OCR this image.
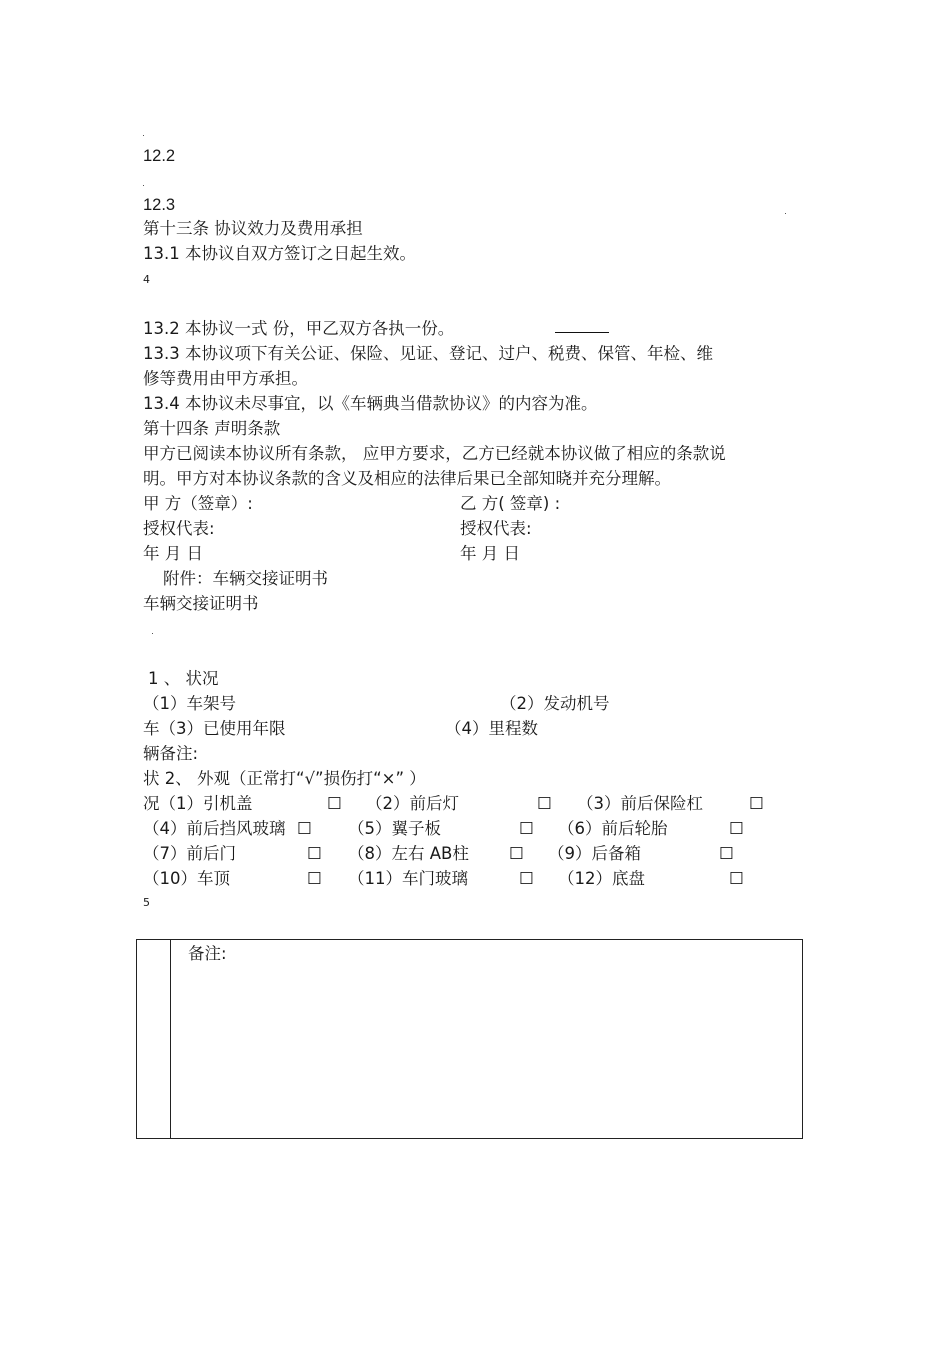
12.2
12.3
第十三条 协议效力及费用承担
13.1 本协议自双方签订之日起生效。
4
13.2 本协议一式 份，甲乙双方各执一份。
13.3 本协议项下有关公证、保险、见证、登记、过户、税费、保管、年检、维
修等费用由甲方承担。
13.4 本协议未尽事宜，以《车辆典当借款协议》的内容为准。
第十四条 声明条款
甲方已阅读本协议所有条款， 应甲方要求，乙方已经就本协议做了相应的条款说
明。甲方对本协议条款的含义及相应的法律后果已全部知晓并充分理解。
甲 方（签章）:	乙 方( 签章) :
授权代表:	授权代表:
年 月 日	年 月 日
附件：车辆交接证明书
车辆交接证明书
1 、 状况
（1）车架号	（2）发动机号
车（3）已使用年限	（4）里程数
辆备注:
状 2、 外观（正常打“√”损伤打“×” ）
况（1）引机盖	☐ （2）前后灯	☐ （3）前后保险杠	☐
（4）前后挡风玻璃 ☐ （5）翼子板	☐ （6）前后轮胎	☐
（7）前后门	☐ （8）左右 AB柱 ☐ （9）后备箱	☐
（10）车顶	☐ （11）车门玻璃	☐ （12）底盘	☐
5
备注:
